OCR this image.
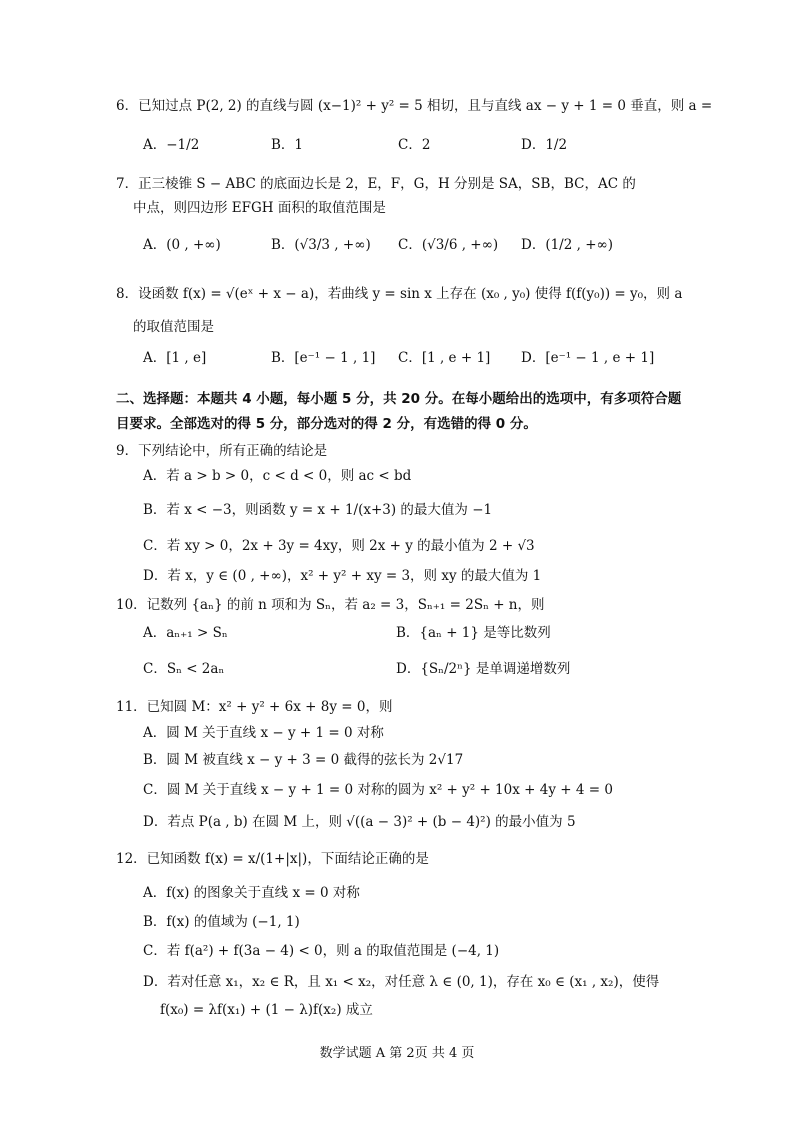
6．已知过点 P(2, 2) 的直线与圆 (x−1)² + y² = 5 相切，且与直线 ax − y + 1 = 0 垂直，则 a =
A．−1/2	B．1	C．2	D．1/2
7．正三棱锥 S − ABC 的底面边长是 2，E，F，G，H 分别是 SA，SB，BC，AC 的
中点，则四边形 EFGH 面积的取值范围是
A．(0 , +∞)	B．(√3/3 , +∞) C．(√3/6 , +∞) D．(1/2 , +∞)
8．设函数 f(x) = √(eˣ + x − a)，若曲线 y = sin x 上存在 (x₀ , y₀) 使得 f(f(y₀)) = y₀，则 a
的取值范围是
A．[1 , e]	B．[e⁻¹ − 1 , 1] C．[1 , e + 1] D．[e⁻¹ − 1 , e + 1]
二、选择题：本题共 4 小题，每小题 5 分，共 20 分。在每小题给出的选项中，有多项符合题
目要求。全部选对的得 5 分，部分选对的得 2 分，有选错的得 0 分。
9．下列结论中，所有正确的结论是
A．若 a > b > 0，c < d < 0，则 ac < bd
B．若 x < −3，则函数 y = x + 1/(x+3) 的最大值为 −1
C．若 xy > 0，2x + 3y = 4xy，则 2x + y 的最小值为 2 + √3
D．若 x，y ∈ (0 , +∞)，x² + y² + xy = 3，则 xy 的最大值为 1
10．记数列 {aₙ} 的前 n 项和为 Sₙ，若 a₂ = 3，Sₙ₊₁ = 2Sₙ + n，则
A．aₙ₊₁ > Sₙ	B．{aₙ + 1} 是等比数列
C．Sₙ < 2aₙ	D．{Sₙ/2ⁿ} 是单调递增数列
11．已知圆 M：x² + y² + 6x + 8y = 0，则
A．圆 M 关于直线 x − y + 1 = 0 对称
B．圆 M 被直线 x − y + 3 = 0 截得的弦长为 2√17
C．圆 M 关于直线 x − y + 1 = 0 对称的圆为 x² + y² + 10x + 4y + 4 = 0
D．若点 P(a , b) 在圆 M 上，则 √((a − 3)² + (b − 4)²) 的最小值为 5
12．已知函数 f(x) = x/(1+|x|)，下面结论正确的是
A．f(x) 的图象关于直线 x = 0 对称
B．f(x) 的值域为 (−1, 1)
C．若 f(a²) + f(3a − 4) < 0，则 a 的取值范围是 (−4, 1)
D．若对任意 x₁，x₂ ∈ R，且 x₁ < x₂，对任意 λ ∈ (0, 1)，存在 x₀ ∈ (x₁ , x₂)，使得
f(x₀) = λf(x₁) + (1 − λ)f(x₂) 成立
数学试题 A 第 2页 共 4 页
